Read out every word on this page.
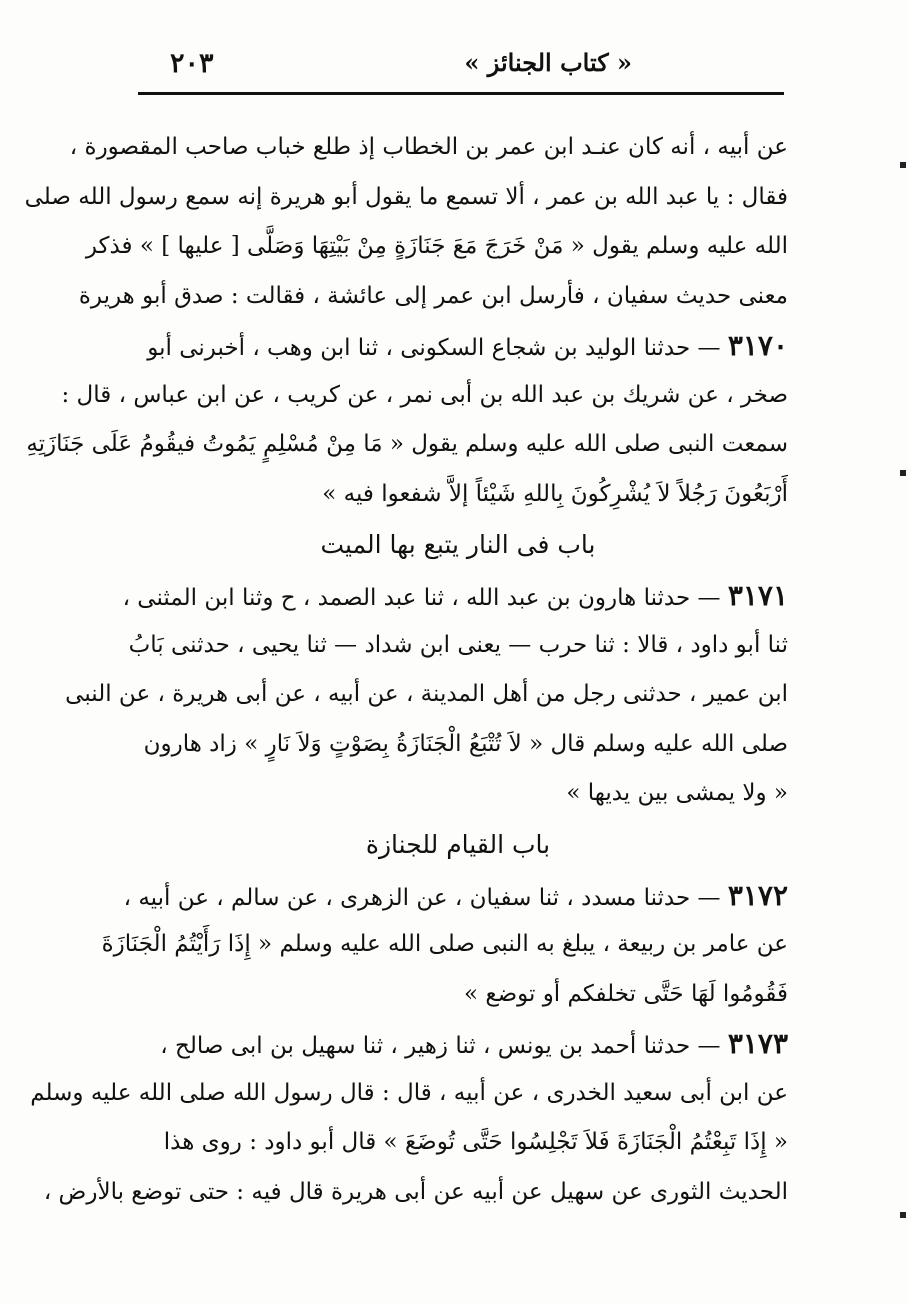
« كتاب الجنائز »
٢٠٣
عن أبيه ، أنه كان عنـد ابن عمر بن الخطاب إذ طلع خباب صاحب المقصورة ،
فقال : يا عبد الله بن عمر ، ألا تسمع ما يقول أبو هريرة إنه سمع رسول الله صلى
الله عليه وسلم يقول « مَنْ خَرَجَ مَعَ جَنَازَةٍ مِنْ بَيْتِهَا وَصَلَّى [ عليها ] » فذكر
معنى حديث سفيان ، فأرسل ابن عمر إلى عائشة ، فقالت : صدق أبو هريرة
٣١٧٠ — حدثنا الوليد بن شجاع السكونى ، ثنا ابن وهب ، أخبرنى أبو
صخر ، عن شريك بن عبد الله بن أبى نمر ، عن كريب ، عن ابن عباس ، قال :
سمعت النبى صلى الله عليه وسلم يقول « مَا مِنْ مُسْلِمٍ يَمُوتُ فيقُومُ عَلَى جَنَازَتِهِ
أَرْبَعُونَ رَجُلاً لاَ يُشْرِكُونَ بِاللهِ شَيْئاً إلاَّ شفعوا فيه »
باب فى النار يتبع بها الميت
٣١٧١ — حدثنا هارون بن عبد الله ، ثنا عبد الصمد ، ح وثنا ابن المثنى ،
ثنا أبو داود ، قالا : ثنا حرب — يعنى ابن شداد — ثنا يحيى ، حدثنى بَابُ
ابن عمير ، حدثنى رجل من أهل المدينة ، عن أبيه ، عن أبى هريرة ، عن النبى
صلى الله عليه وسلم قال « لاَ تُتْبَعُ الْجَنَازَةُ بِصَوْتٍ وَلاَ نَارٍ » زاد هارون
« ولا يمشى بين يديها »
باب القيام للجنازة
٣١٧٢ — حدثنا مسدد ، ثنا سفيان ، عن الزهرى ، عن سالم ، عن أبيه ،
عن عامر بن ربيعة ، يبلغ به النبى صلى الله عليه وسلم « إِذَا رَأَيْتُمُ الْجَنَازَةَ
فَقُومُوا لَهَا حَتَّى تخلفكم أو توضع »
٣١٧٣ — حدثنا أحمد بن يونس ، ثنا زهير ، ثنا سهيل بن ابى صالح ،
عن ابن أبى سعيد الخدرى ، عن أبيه ، قال : قال رسول الله صلى الله عليه وسلم
« إِذَا تَبِعْتُمُ الْجَنَازَةَ فَلاَ تَجْلِسُوا حَتَّى تُوضَعَ » قال أبو داود : روى هذا
الحديث الثورى عن سهيل عن أبيه عن أبى هريرة قال فيه : حتى توضع بالأرض ،
